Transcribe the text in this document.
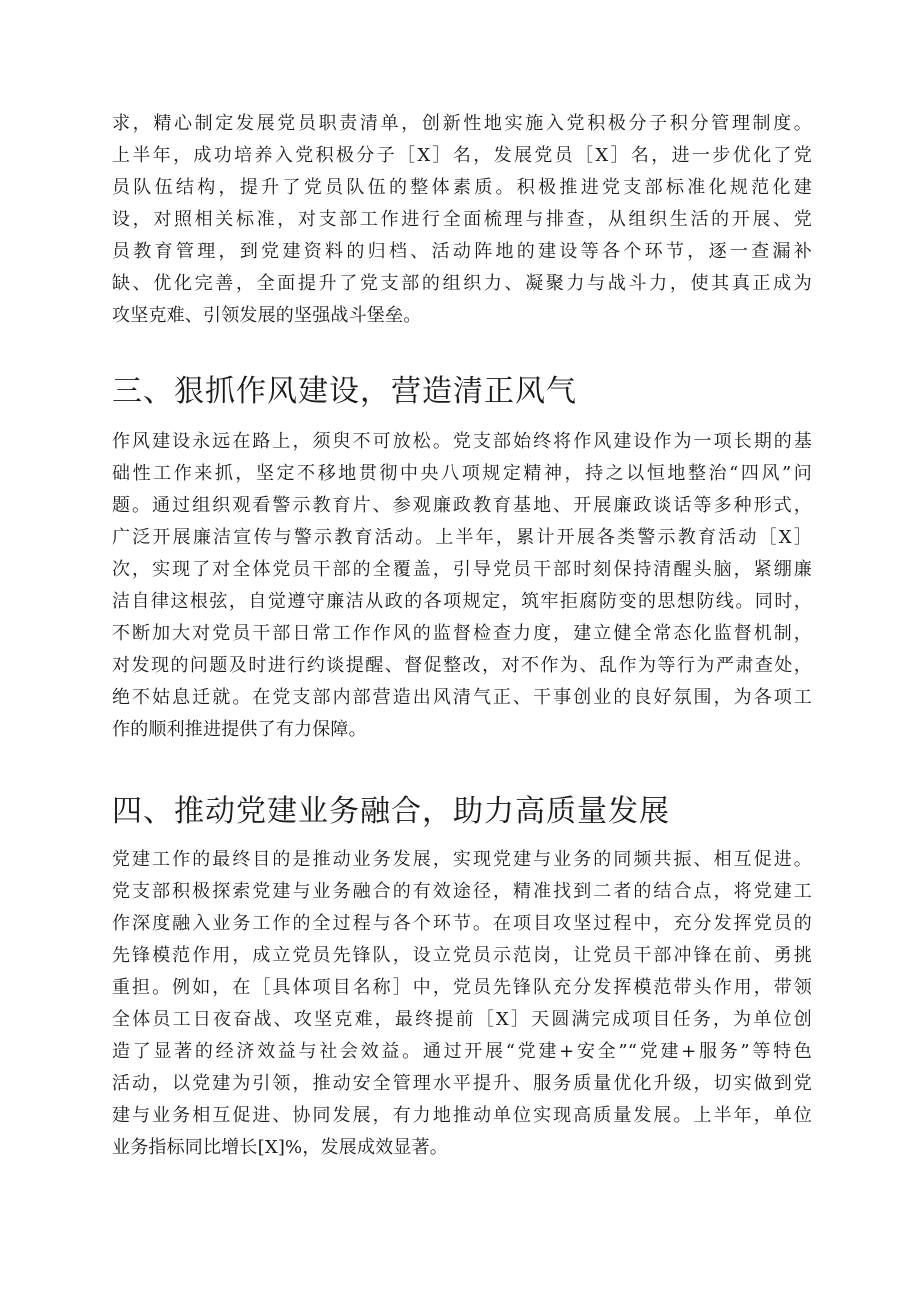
求，精心制定发展党员职责清单，创新性地实施入党积极分子积分管理制度。
上半年，成功培养入党积极分子［X］名，发展党员［X］名，进一步优化了党
员队伍结构，提升了党员队伍的整体素质。积极推进党支部标准化规范化建
设，对照相关标准，对支部工作进行全面梳理与排查，从组织生活的开展、党
员教育管理，到党建资料的归档、活动阵地的建设等各个环节，逐一查漏补
缺、优化完善，全面提升了党支部的组织力、凝聚力与战斗力，使其真正成为
攻坚克难、引领发展的坚强战斗堡垒。
三、狠抓作风建设，营造清正风气
作风建设永远在路上，须臾不可放松。党支部始终将作风建设作为一项长期的基
础性工作来抓，坚定不移地贯彻中央八项规定精神，持之以恒地整治“四风”问
题。通过组织观看警示教育片、参观廉政教育基地、开展廉政谈话等多种形式，
广泛开展廉洁宣传与警示教育活动。上半年，累计开展各类警示教育活动［X］
次，实现了对全体党员干部的全覆盖，引导党员干部时刻保持清醒头脑，紧绷廉
洁自律这根弦，自觉遵守廉洁从政的各项规定，筑牢拒腐防变的思想防线。同时，
不断加大对党员干部日常工作作风的监督检查力度，建立健全常态化监督机制，
对发现的问题及时进行约谈提醒、督促整改，对不作为、乱作为等行为严肃查处，
绝不姑息迁就。在党支部内部营造出风清气正、干事创业的良好氛围，为各项工
作的顺利推进提供了有力保障。
四、推动党建业务融合，助力高质量发展
党建工作的最终目的是推动业务发展，实现党建与业务的同频共振、相互促进。
党支部积极探索党建与业务融合的有效途径，精准找到二者的结合点，将党建工
作深度融入业务工作的全过程与各个环节。在项目攻坚过程中，充分发挥党员的
先锋模范作用，成立党员先锋队，设立党员示范岗，让党员干部冲锋在前、勇挑
重担。例如，在［具体项目名称］中，党员先锋队充分发挥模范带头作用，带领
全体员工日夜奋战、攻坚克难，最终提前［X］天圆满完成项目任务，为单位创
造了显著的经济效益与社会效益。通过开展“党建+安全”“党建+服务”等特色
活动，以党建为引领，推动安全管理水平提升、服务质量优化升级，切实做到党
建与业务相互促进、协同发展，有力地推动单位实现高质量发展。上半年，单位
业务指标同比增长[X]%，发展成效显著。
